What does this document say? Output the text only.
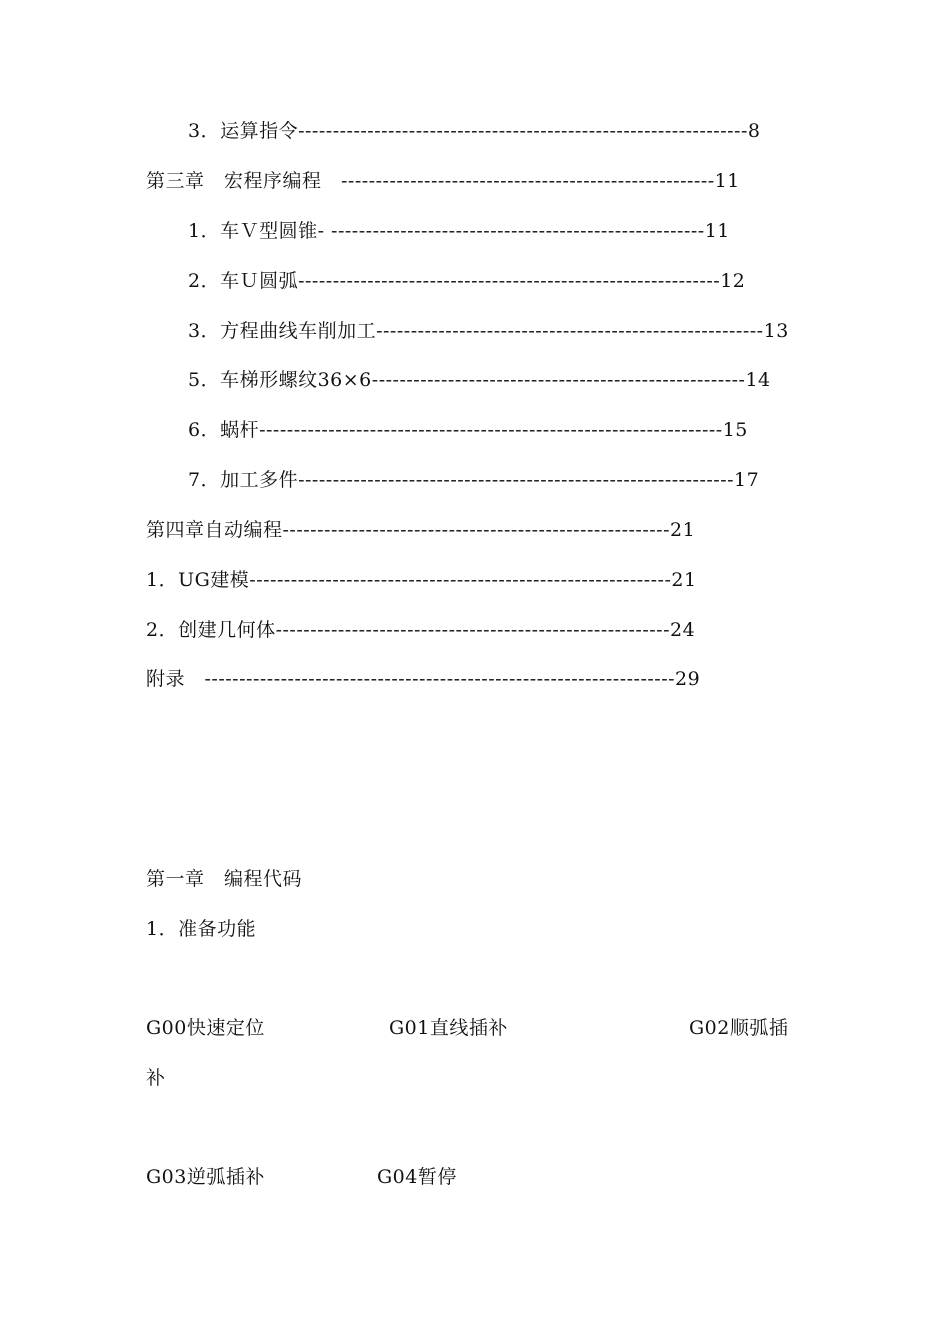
3．运算指令-----------------------------------------------------------------8
第三章　宏程序编程　------------------------------------------------------11
1．车Ｖ型圆锥- ------------------------------------------------------11
2．车Ｕ圆弧-------------------------------------------------------------12
3．方程曲线车削加工--------------------------------------------------------13
5．车梯形螺纹36×6------------------------------------------------------14
6．蜗杆-------------------------------------------------------------------15
7．加工多件---------------------------------------------------------------17
第四章自动编程--------------------------------------------------------21
1．UG建模-------------------------------------------------------------21
2．创建几何体---------------------------------------------------------24
附录　--------------------------------------------------------------------29
第一章　编程代码
1．准备功能
G00快速定位	G01直线插补	G02顺弧插
补
G03逆弧插补	G04暂停
